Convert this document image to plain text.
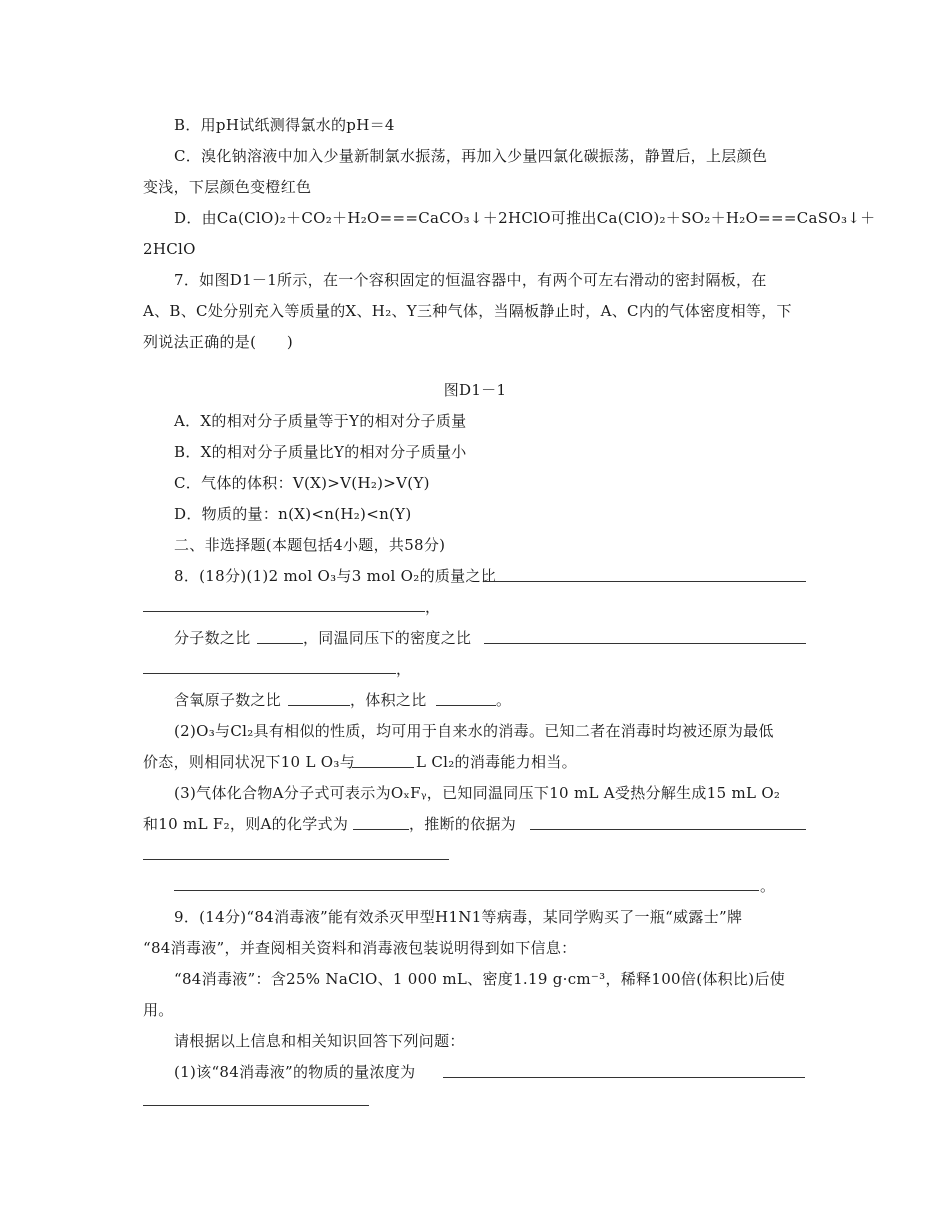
B．用pH试纸测得氯水的pH＝4
C．溴化钠溶液中加入少量新制氯水振荡，再加入少量四氯化碳振荡，静置后，上层颜色
变浅，下层颜色变橙红色
D．由Ca(ClO)₂＋CO₂＋H₂O===CaCO₃↓＋2HClO可推出Ca(ClO)₂＋SO₂＋H₂O===CaSO₃↓＋
2HClO
7．如图D1－1所示，在一个容积固定的恒温容器中，有两个可左右滑动的密封隔板，在
A、B、C处分别充入等质量的X、H₂、Y三种气体，当隔板静止时，A、C内的气体密度相等，下
列说法正确的是(　　)
图D1－1
A．X的相对分子质量等于Y的相对分子质量
B．X的相对分子质量比Y的相对分子质量小
C．气体的体积：V(X)>V(H₂)>V(Y)
D．物质的量：n(X)<n(H₂)<n(Y)
二、非选择题(本题包括4小题，共58分)
8．(18分)(1)2 mol O₃与3 mol O₂的质量之比
，
分子数之比	，同温同压下的密度之比
，
含氧原子数之比	，体积之比	。
(2)O₃与Cl₂具有相似的性质，均可用于自来水的消毒。已知二者在消毒时均被还原为最低
价态，则相同状况下10 L O₃与	L Cl₂的消毒能力相当。
(3)气体化合物A分子式可表示为OₓFᵧ，已知同温同压下10 mL A受热分解生成15 mL O₂
和10 mL F₂，则A的化学式为	，推断的依据为
。
9．(14分)“84消毒液”能有效杀灭甲型H1N1等病毒，某同学购买了一瓶“威露士”牌
“84消毒液”，并查阅相关资料和消毒液包装说明得到如下信息：
“84消毒液”：含25% NaClO、1 000 mL、密度1.19 g·cm⁻³，稀释100倍(体积比)后使
用。
请根据以上信息和相关知识回答下列问题：
(1)该“84消毒液”的物质的量浓度为
